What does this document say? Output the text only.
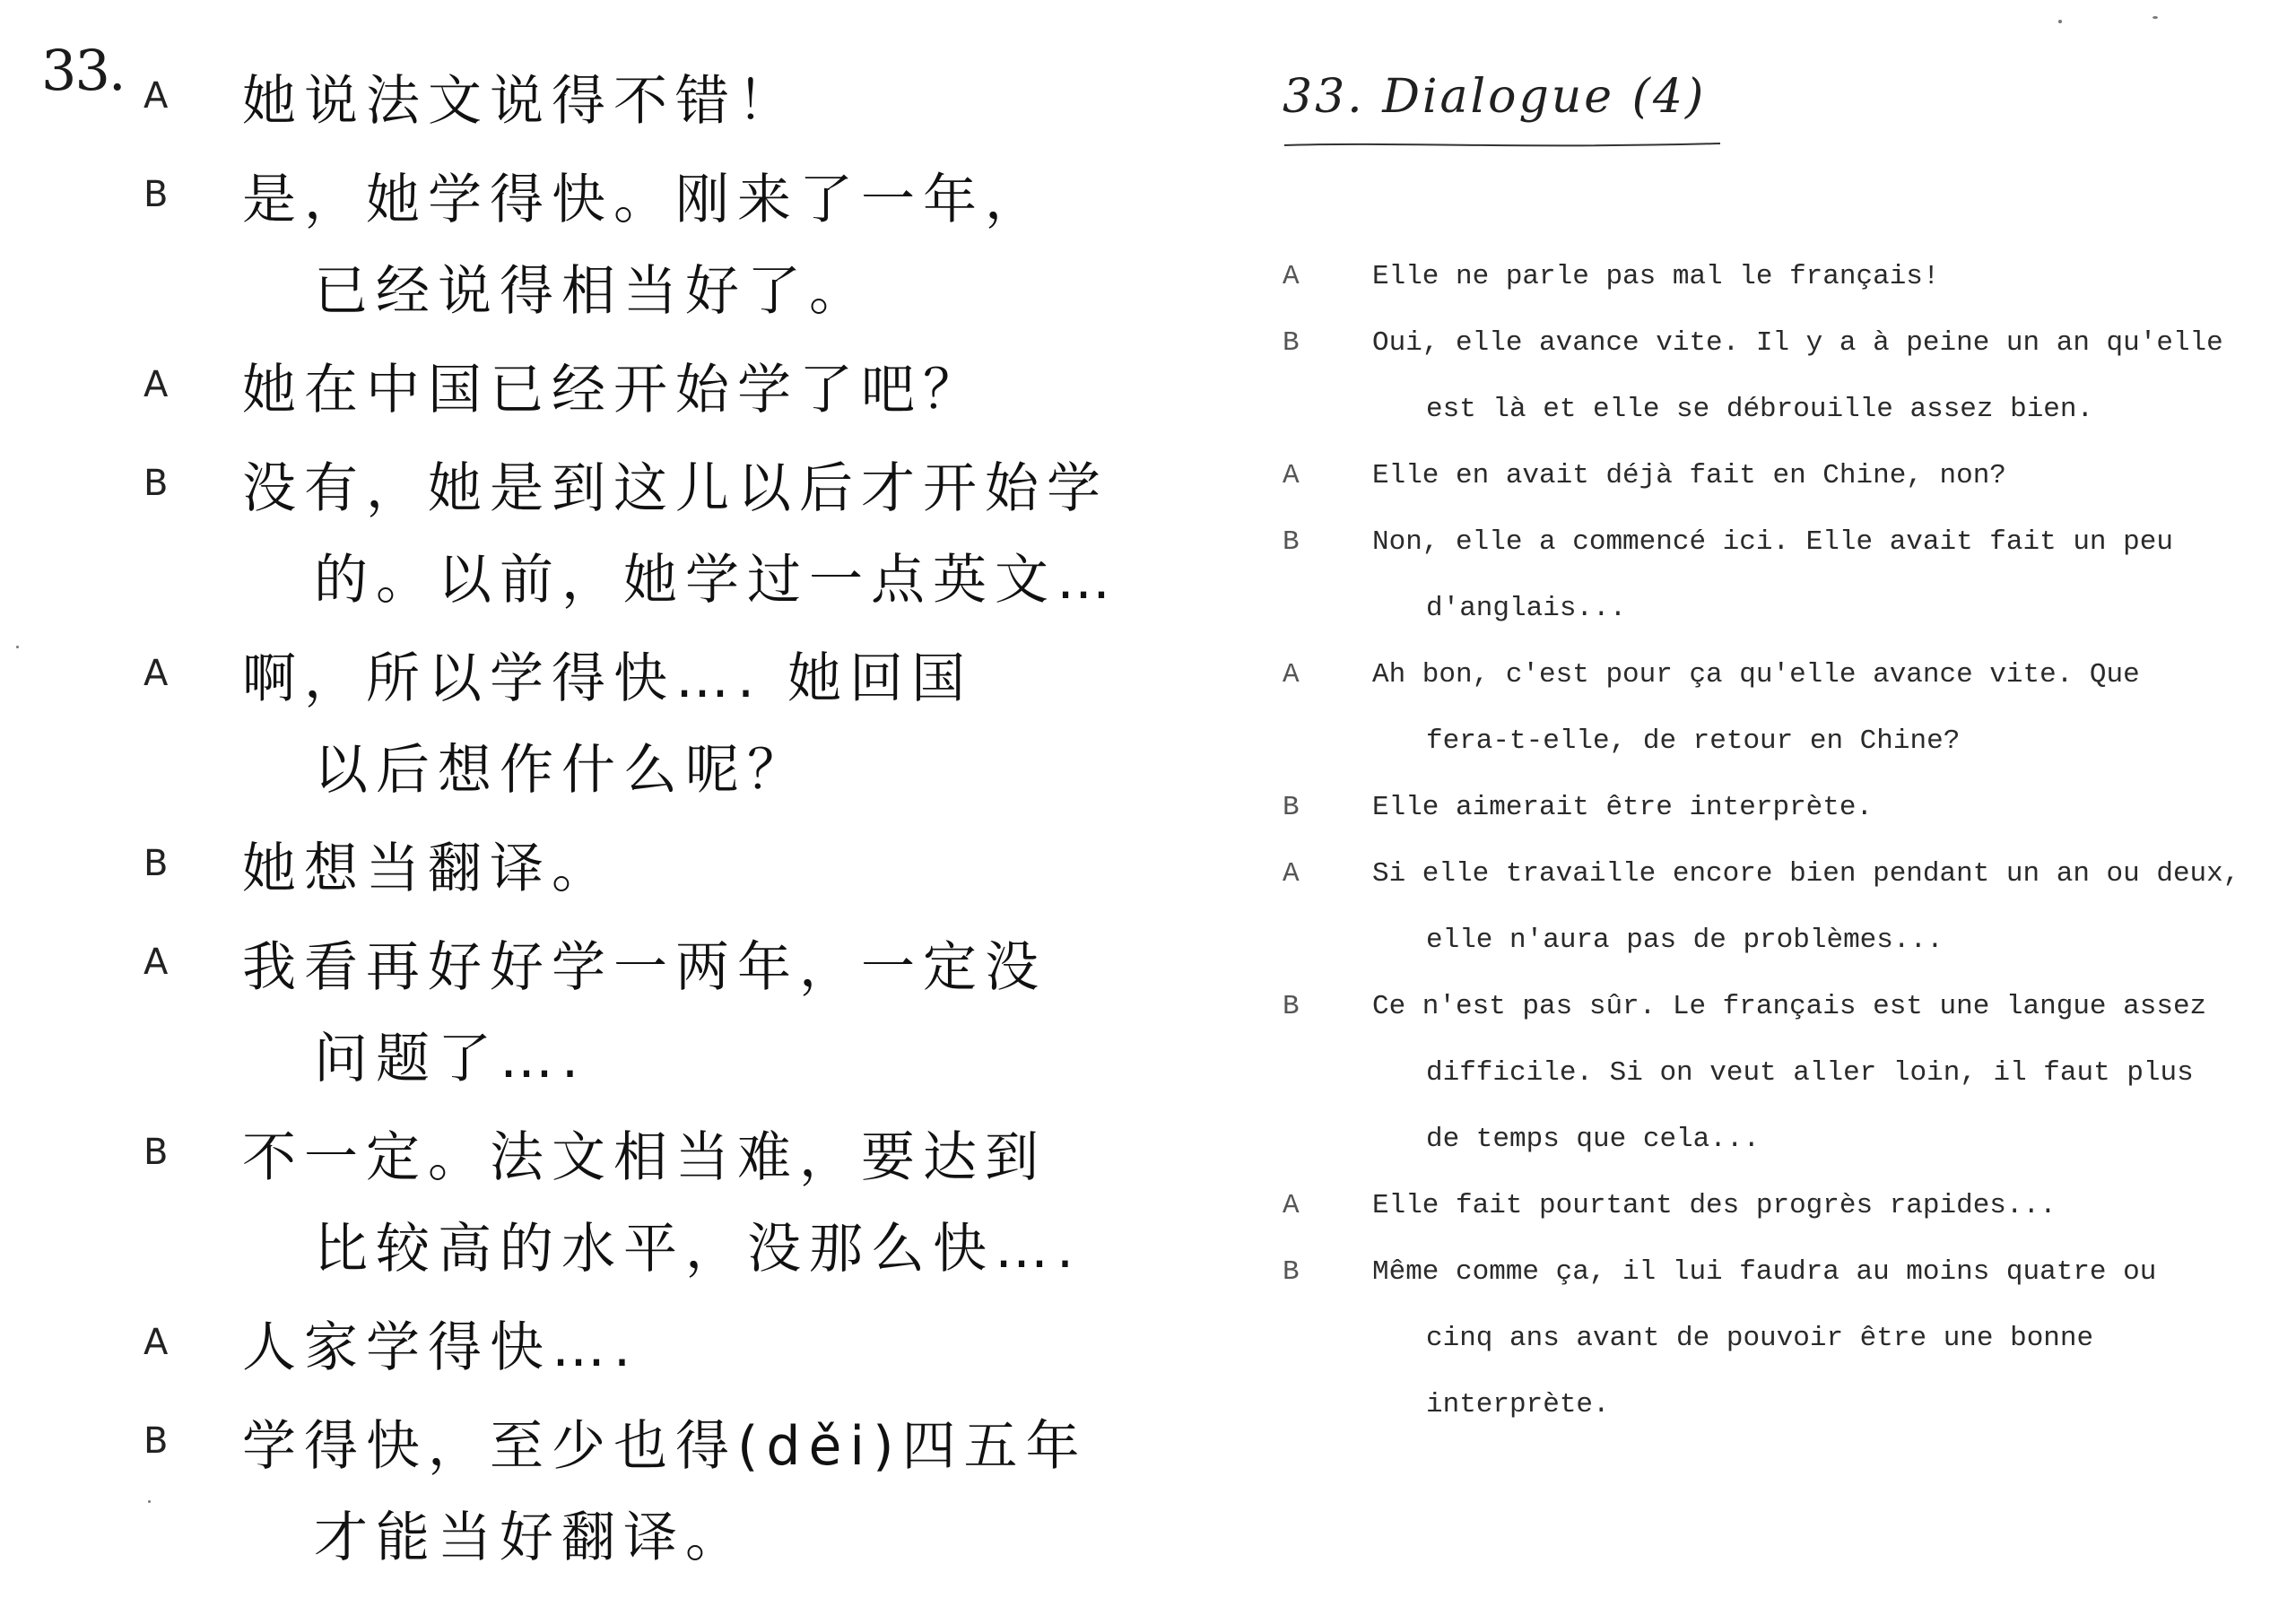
33. A	她说法文说得不错！
B	是，她学得快。刚来了一年，
已经说得相当好了。
A	她在中国已经开始学了吧？
B	没有，她是到这儿以后才开始学
的。以前，她学过一点英文…
A	啊，所以学得快…. 她回国
以后想作什么呢？
B	她想当翻译。
A	我看再好好学一两年，一定没
问题了….
B	不一定。法文相当难，要达到
比较高的水平，没那么快….
A	人家学得快….
B	学得快，至少也得(děi)四五年
才能当好翻译。
33. Dialogue (4)
A	Elle ne parle pas mal le français!
B	Oui, elle avance vite. Il y a à peine un an qu'elle
est là et elle se débrouille assez bien.
A	Elle en avait déjà fait en Chine, non?
B	Non, elle a commencé ici. Elle avait fait un peu
d'anglais...
A	Ah bon, c'est pour ça qu'elle avance vite. Que
fera-t-elle, de retour en Chine?
B	Elle aimerait être interprète.
A	Si elle travaille encore bien pendant un an ou deux,
elle n'aura pas de problèmes...
B	Ce n'est pas sûr. Le français est une langue assez
difficile. Si on veut aller loin, il faut plus
de temps que cela...
A	Elle fait pourtant des progrès rapides...
B	Même comme ça, il lui faudra au moins quatre ou
cinq ans avant de pouvoir être une bonne
interprète.
